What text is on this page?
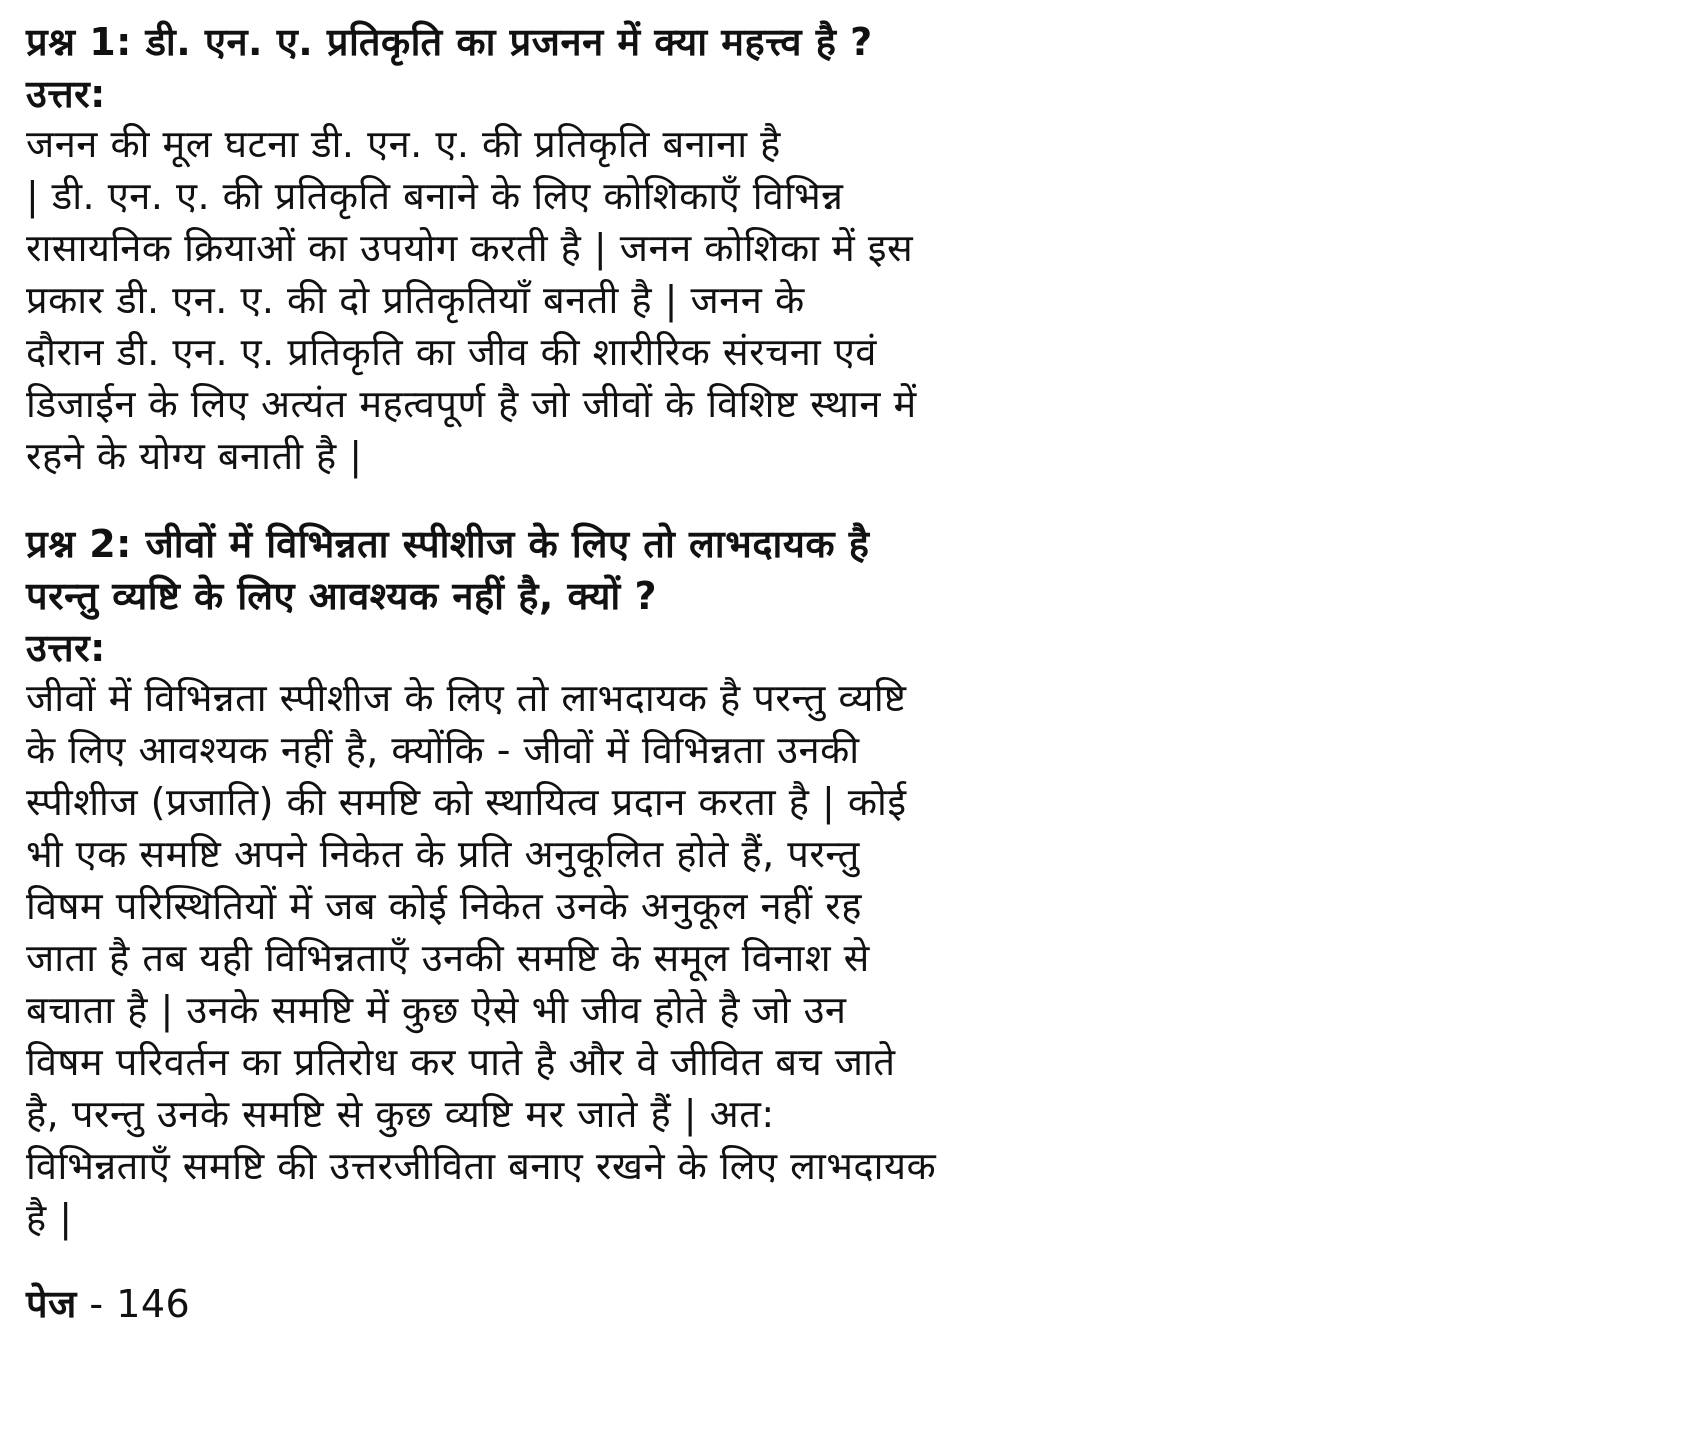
प्रश्न 1: डी. एन. ए. प्रतिकृति का प्रजनन में क्या महत्त्व है ?
उत्तर:
जनन की मूल घटना डी. एन. ए. की प्रतिकृति बनाना है
| डी. एन. ए. की प्रतिकृति बनाने के लिए कोशिकाएँ विभिन्न
रासायनिक क्रियाओं का उपयोग करती है | जनन कोशिका में इस
प्रकार डी. एन. ए. की दो प्रतिकृतियाँ बनती है | जनन के
दौरान डी. एन. ए. प्रतिकृति का जीव की शारीरिक संरचना एवं
डिजाईन के लिए अत्यंत महत्वपूर्ण है जो जीवों के विशिष्ट स्थान में
रहने के योग्य बनाती है |
प्रश्न 2: जीवों में विभिन्नता स्पीशीज के लिए तो लाभदायक है
परन्तु व्यष्टि के लिए आवश्यक नहीं है, क्यों ?
उत्तर:
जीवों में विभिन्नता स्पीशीज के लिए तो लाभदायक है परन्तु व्यष्टि
के लिए आवश्यक नहीं है, क्योंकि - जीवों में विभिन्नता उनकी
स्पीशीज (प्रजाति) की समष्टि को स्थायित्व प्रदान करता है | कोई
भी एक समष्टि अपने निकेत के प्रति अनुकूलित होते हैं, परन्तु
विषम परिस्थितियों में जब कोई निकेत उनके अनुकूल नहीं रह
जाता है तब यही विभिन्नताएँ उनकी समष्टि के समूल विनाश से
बचाता है | उनके समष्टि में कुछ ऐसे भी जीव होते है जो उन
विषम परिवर्तन का प्रतिरोध कर पाते है और वे जीवित बच जाते
है, परन्तु उनके समष्टि से कुछ व्यष्टि मर जाते हैं | अत:
विभिन्नताएँ समष्टि की उत्तरजीविता बनाए रखने के लिए लाभदायक
है |
पेज - 146
